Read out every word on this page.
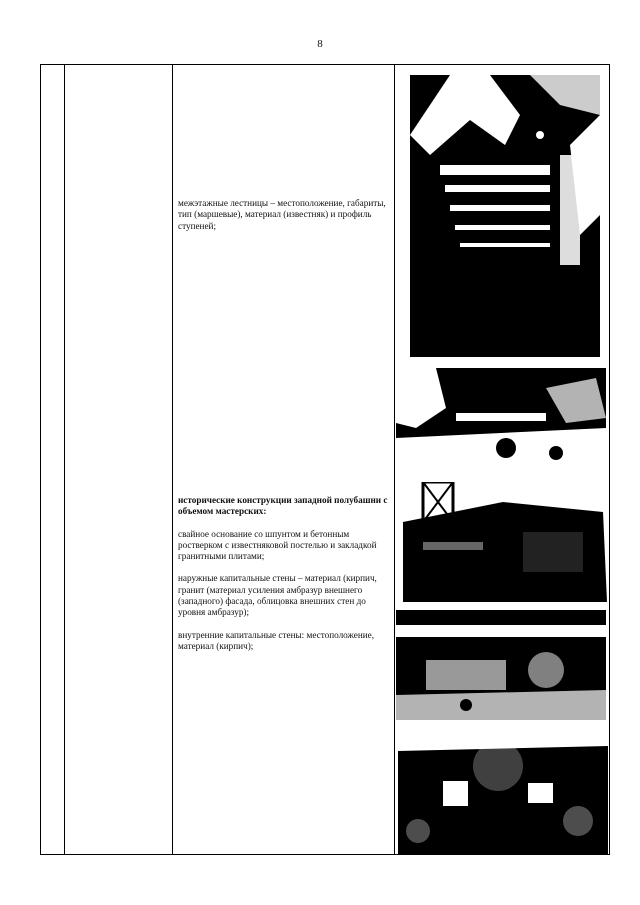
8

межэтажные лестницы – местоположение, габариты, тип (маршевые), материал (известняк) и профиль ступеней;

исторические конструкции западной полубашни с объемом мастерских:

свайное основание со шпунтом и бетонным ростверком с известняковой постелью и закладкой гранитными плитами;

наружные капитальные стены – материал (кирпич, гранит (материал усиления амбразур внешнего (западного) фасада, облицовка внешних стен до уровня амбразур);

внутренние капитальные стены: местоположение, материал (кирпич);
